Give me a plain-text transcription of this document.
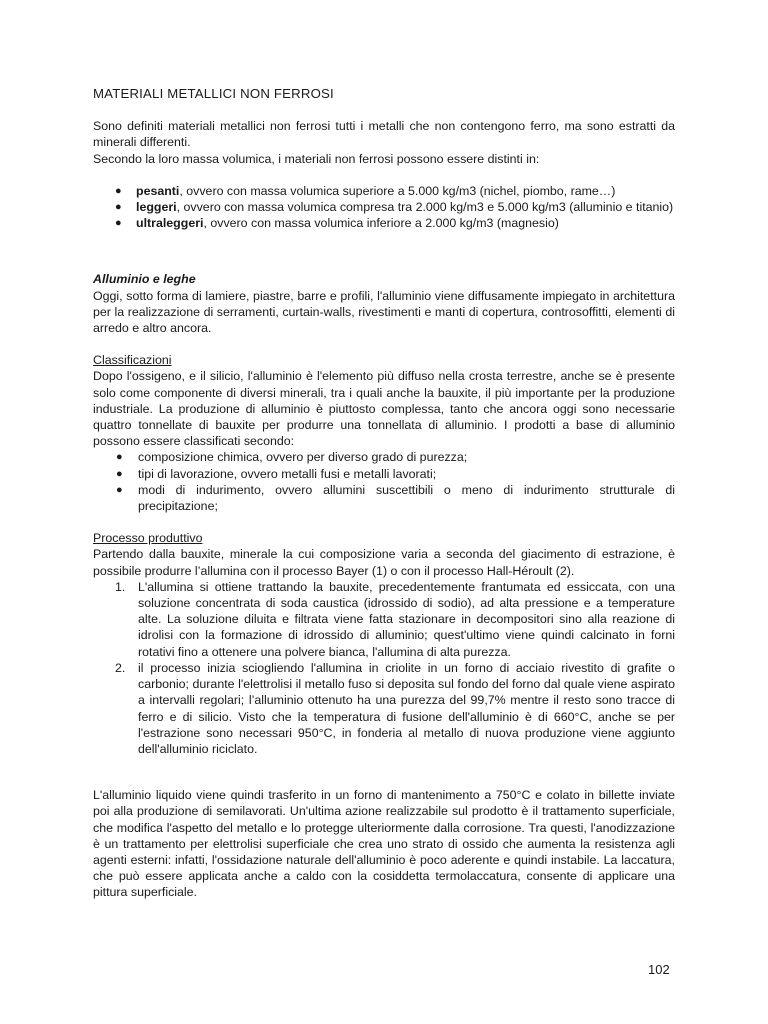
MATERIALI METALLICI NON FERROSI

Sono definiti materiali metallici non ferrosi tutti i metalli che non contengono ferro, ma sono estratti da minerali differenti.

Secondo la loro massa volumica, i materiali non ferrosi possono essere distinti in:

● pesanti, ovvero con massa volumica superiore a 5.000 kg/m3 (nichel, piombo, rame…)
● leggeri, ovvero con massa volumica compresa tra 2.000 kg/m3 e 5.000 kg/m3 (alluminio e titanio)
● ultraleggeri, ovvero con massa volumica inferiore a 2.000 kg/m3 (magnesio)
Alluminio e leghe

Oggi, sotto forma di lamiere, piastre, barre e profili, l'alluminio viene diffusamente impiegato in architettura per la realizzazione di serramenti, curtain-walls, rivestimenti e manti di copertura, controsoffitti, elementi di arredo e altro ancora.

Classificazioni

Dopo l'ossigeno, e il silicio, l'alluminio è l'elemento più diffuso nella crosta terrestre, anche se è presente solo come componente di diversi minerali, tra i quali anche la bauxite, il più importante per la produzione industriale. La produzione di alluminio è piuttosto complessa, tanto che ancora oggi sono necessarie quattro tonnellate di bauxite per produrre una tonnellata di alluminio. I prodotti a base di alluminio possono essere classificati secondo:

● composizione chimica, ovvero per diverso grado di purezza;
● tipi di lavorazione, ovvero metalli fusi e metalli lavorati;
● modi di indurimento, ovvero allumini suscettibili o meno di indurimento strutturale di precipitazione;
Processo produttivo

Partendo dalla bauxite, minerale la cui composizione varia a seconda del giacimento di estrazione, è possibile produrre l’allumina con il processo Bayer (1) o con il processo Hall-Héroult (2).

1. L'allumina si ottiene trattando la bauxite, precedentemente frantumata ed essiccata, con una soluzione concentrata di soda caustica (idrossido di sodio), ad alta pressione e a temperature alte. La soluzione diluita e filtrata viene fatta stazionare in decompositori sino alla reazione di idrolisi con la formazione di idrossido di alluminio; quest'ultimo viene quindi calcinato in forni rotativi fino a ottenere una polvere bianca, l'allumina di alta purezza.
2. il processo inizia sciogliendo l'allumina in criolite in un forno di acciaio rivestito di grafite o carbonio; durante l'elettrolisi il metallo fuso si deposita sul fondo del forno dal quale viene aspirato a intervalli regolari; l’alluminio ottenuto ha una purezza del 99,7% mentre il resto sono tracce di ferro e di silicio. Visto che la temperatura di fusione dell'alluminio è di 660°C, anche se per l'estrazione sono necessari 950°C, in fonderia al metallo di nuova produzione viene aggiunto dell'alluminio riciclato.

L'alluminio liquido viene quindi trasferito in un forno di mantenimento a 750°C e colato in billette inviate poi alla produzione di semilavorati. Un'ultima azione realizzabile sul prodotto è il trattamento superficiale, che modifica l'aspetto del metallo e lo protegge ulteriormente dalla corrosione. Tra questi, l'anodizzazione è un trattamento per elettrolisi superficiale che crea uno strato di ossido che aumenta la resistenza agli agenti esterni: infatti, l'ossidazione naturale dell'alluminio è poco aderente e quindi instabile. La laccatura, che può essere applicata anche a caldo con la cosiddetta termolaccatura, consente di applicare una pittura superficiale.

102
